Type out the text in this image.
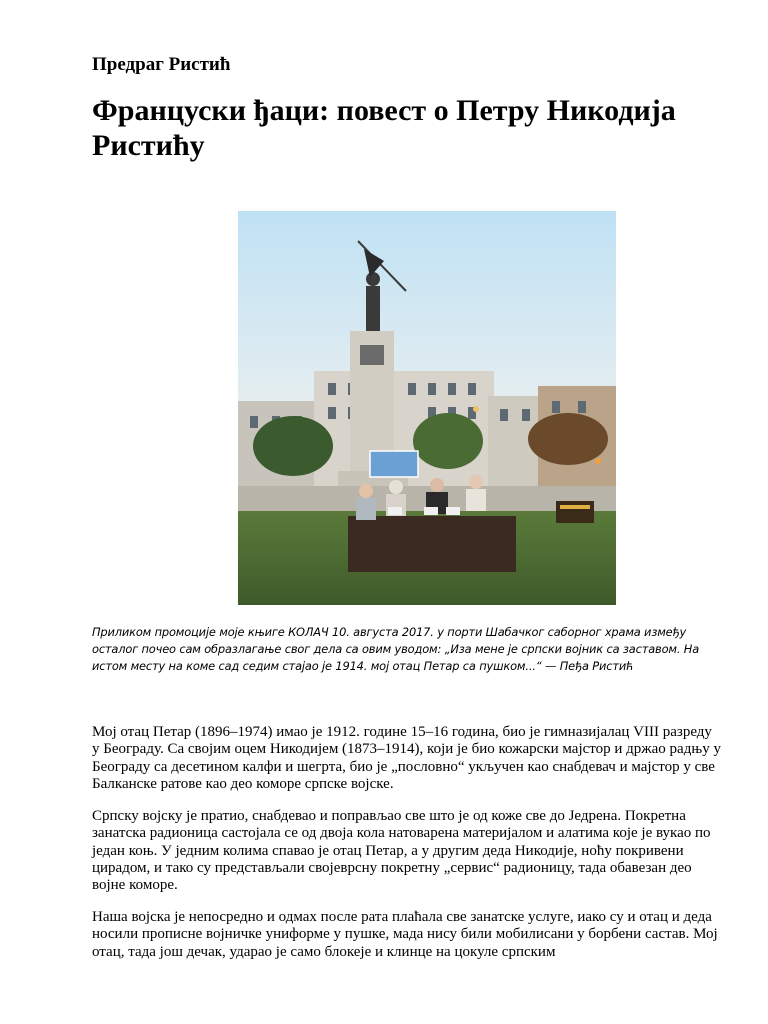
Предраг Ристић
Француски ђаци: повест о Петру Никодија Ристићу

Приликом промоције моје књиге КОЛАЧ 10. августа 2017. у порти Шабачког саборног храма између осталог почео сам образлагање свог дела са овим уводом: „Иза мене је српски војник са заставом. На истом месту на коме сад седим стајао је 1914. мој отац Петар са пушком...“ — Пеђа Ристић

Мој отац Петар (1896–1974) имао је 1912. године 15–16 година, био је гимназијалац VIII разреду у Београду. Са својим оцем Никодијем (1873–1914), који је био кожарски мајстор и држао радњу у Београду са десетином калфи и шегрта, био је „пословно“ укључен као снабдевач и мајстор у све Балканске ратове као део коморе српске војске.

Српску војску је пратио, снабдевао и поправљао све што је од коже све до Једрена. Покретна занатска радионица састојала се од двоја кола натоварена материјалом и алатима које је вукао по један коњ. У једним колима спавао је отац Петар, а у другим деда Никодије, ноћу покривени цирадом, и тако су представљали својеврсну покретну „сервис“ радионицу, тада обавезан део војне коморе.

Наша војска је непосредно и одмах после рата плаћала све занатске услуге, иако су и отац и деда носили прописне војничке униформе у пушке, мада нису били мобилисани у борбени састав. Мој отац, тада још дечак, ударао је само блокеје и клинце на цокуле српским
